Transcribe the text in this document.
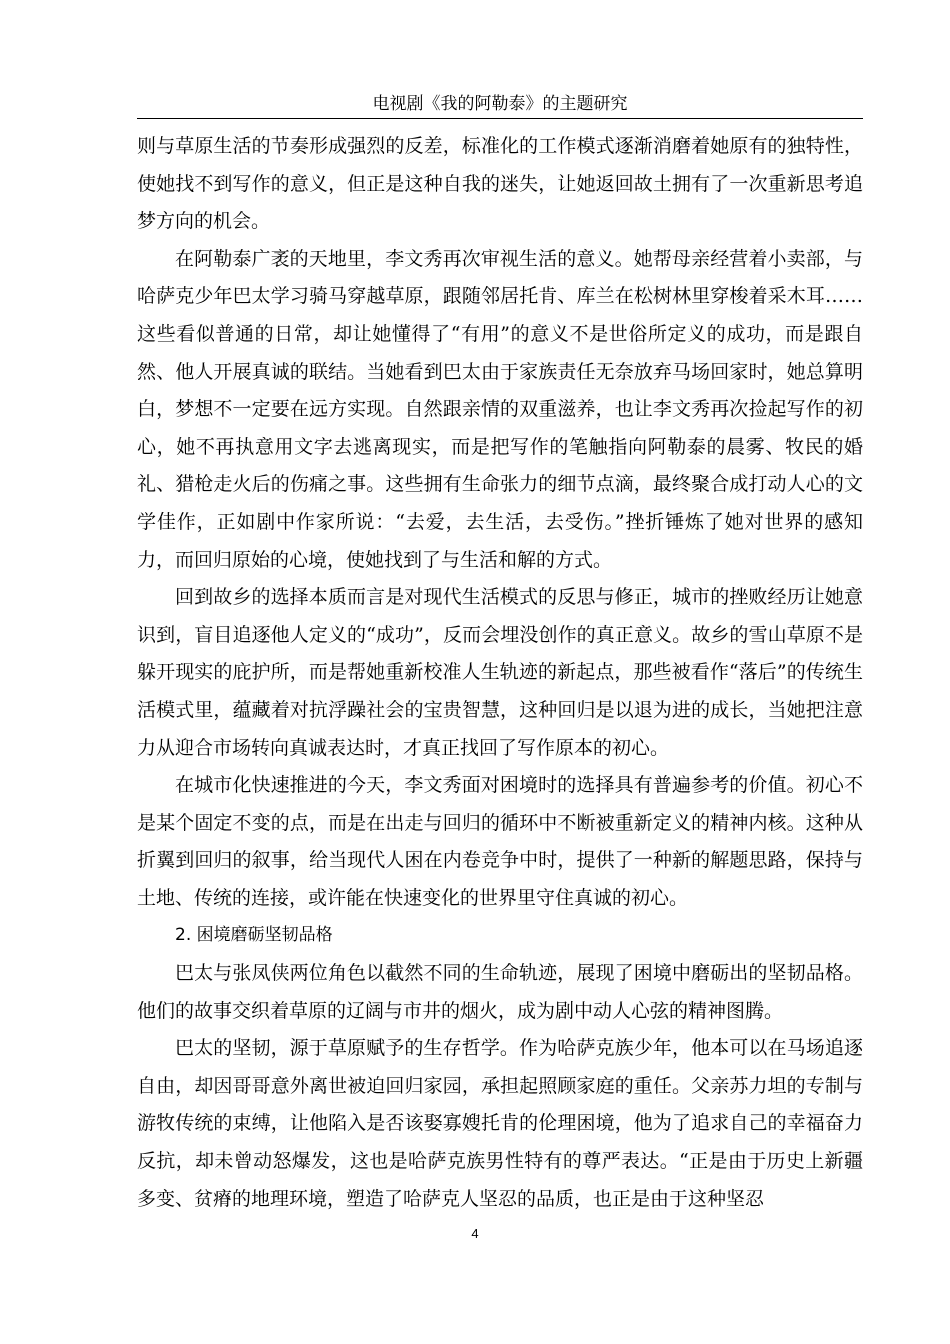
电视剧《我的阿勒泰》的主题研究

则与草原生活的节奏形成强烈的反差，标准化的工作模式逐渐消磨着她原有的独特性，使她找不到写作的意义，但正是这种自我的迷失，让她返回故土拥有了一次重新思考追梦方向的机会。

在阿勒泰广袤的天地里，李文秀再次审视生活的意义。她帮母亲经营着小卖部，与哈萨克少年巴太学习骑马穿越草原，跟随邻居托肯、库兰在松树林里穿梭着采木耳……这些看似普通的日常，却让她懂得了“有用”的意义不是世俗所定义的成功，而是跟自然、他人开展真诚的联结。当她看到巴太由于家族责任无奈放弃马场回家时，她总算明白，梦想不一定要在远方实现。自然跟亲情的双重滋养，也让李文秀再次捡起写作的初心，她不再执意用文字去逃离现实，而是把写作的笔触指向阿勒泰的晨雾、牧民的婚礼、猎枪走火后的伤痛之事。这些拥有生命张力的细节点滴，最终聚合成打动人心的文学佳作，正如剧中作家所说：“去爱，去生活，去受伤。”挫折锤炼了她对世界的感知力，而回归原始的心境，使她找到了与生活和解的方式。

回到故乡的选择本质而言是对现代生活模式的反思与修正，城市的挫败经历让她意识到，盲目追逐他人定义的“成功”，反而会埋没创作的真正意义。故乡的雪山草原不是躲开现实的庇护所，而是帮她重新校准人生轨迹的新起点，那些被看作“落后”的传统生活模式里，蕴藏着对抗浮躁社会的宝贵智慧，这种回归是以退为进的成长，当她把注意力从迎合市场转向真诚表达时，才真正找回了写作原本的初心。

在城市化快速推进的今天，李文秀面对困境时的选择具有普遍参考的价值。初心不是某个固定不变的点，而是在出走与回归的循环中不断被重新定义的精神内核。这种从折翼到回归的叙事，给当现代人困在内卷竞争中时，提供了一种新的解题思路，保持与土地、传统的连接，或许能在快速变化的世界里守住真诚的初心。

2. 困境磨砺坚韧品格

巴太与张凤侠两位角色以截然不同的生命轨迹，展现了困境中磨砺出的坚韧品格。他们的故事交织着草原的辽阔与市井的烟火，成为剧中动人心弦的精神图腾。

巴太的坚韧，源于草原赋予的生存哲学。作为哈萨克族少年，他本可以在马场追逐自由，却因哥哥意外离世被迫回归家园，承担起照顾家庭的重任。父亲苏力坦的专制与游牧传统的束缚，让他陷入是否该娶寡嫂托肯的伦理困境，他为了追求自己的幸福奋力反抗，却未曾动怒爆发，这也是哈萨克族男性特有的尊严表达。“正是由于历史上新疆多变、贫瘠的地理环境，塑造了哈萨克人坚忍的品质，也正是由于这种坚忍

4
